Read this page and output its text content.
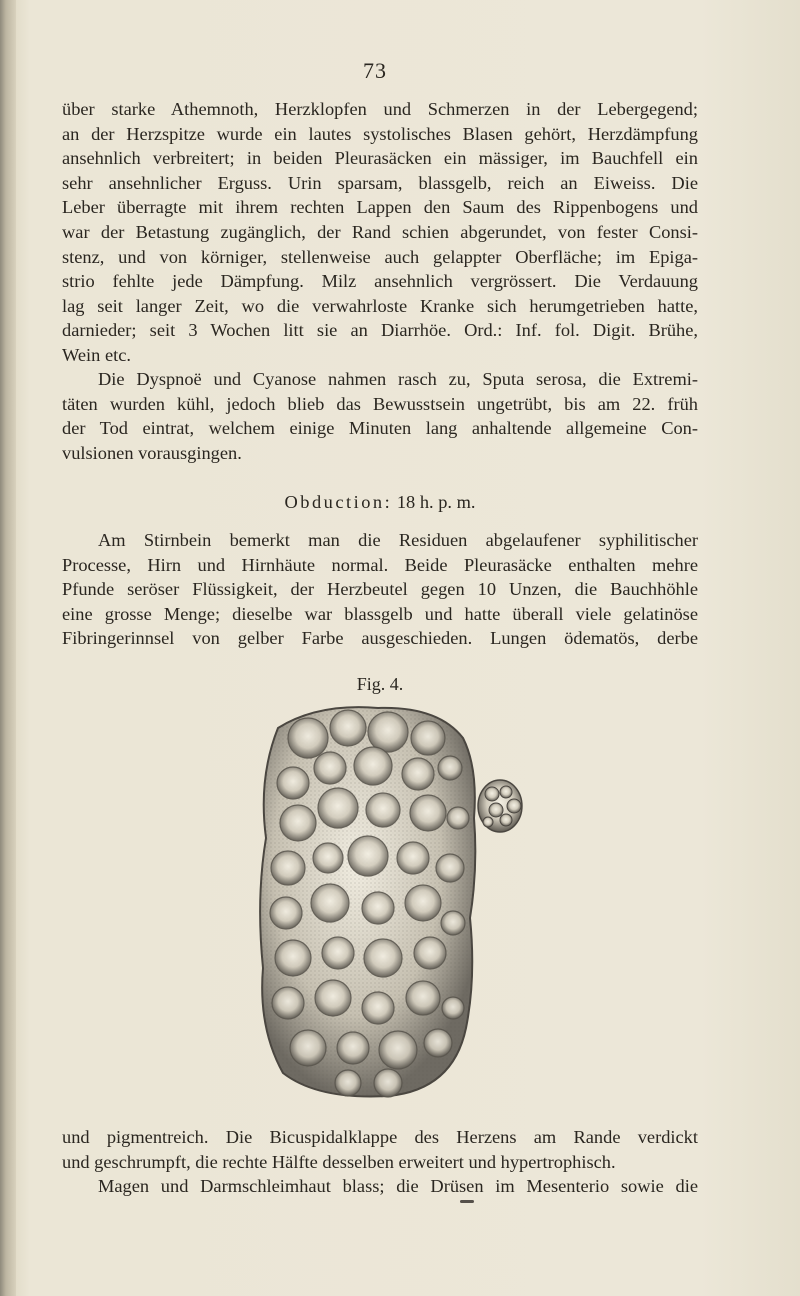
73
über starke Athemnoth, Herzklopfen und Schmerzen in der Lebergegend;
an der Herzspitze wurde ein lautes systolisches Blasen gehört, Herzdämpfung
ansehnlich verbreitert; in beiden Pleurasäcken ein mässiger, im Bauchfell ein
sehr ansehnlicher Erguss. Urin sparsam, blassgelb, reich an Eiweiss. Die
Leber überragte mit ihrem rechten Lappen den Saum des Rippenbogens und
war der Betastung zugänglich, der Rand schien abgerundet, von fester Consi-
stenz, und von körniger, stellenweise auch gelappter Oberfläche; im Epiga-
strio fehlte jede Dämpfung. Milz ansehnlich vergrössert. Die Verdauung
lag seit langer Zeit, wo die verwahrloste Kranke sich herumgetrieben hatte,
darnieder; seit 3 Wochen litt sie an Diarrhöe. Ord.: Inf. fol. Digit. Brühe,
Wein etc.
Die Dyspnoë und Cyanose nahmen rasch zu, Sputa serosa, die Extremi-
täten wurden kühl, jedoch blieb das Bewusstsein ungetrübt, bis am 22. früh
der Tod eintrat, welchem einige Minuten lang anhaltende allgemeine Con-
vulsionen vorausgingen.
Obduction: 18 h. p. m.
Am Stirnbein bemerkt man die Residuen abgelaufener syphilitischer
Processe, Hirn und Hirnhäute normal. Beide Pleurasäcke enthalten mehre
Pfunde seröser Flüssigkeit, der Herzbeutel gegen 10 Unzen, die Bauchhöhle
eine grosse Menge; dieselbe war blassgelb und hatte überall viele gelatinöse
Fibringerinnsel von gelber Farbe ausgeschieden. Lungen ödematös, derbe
Fig. 4.
und pigmentreich. Die Bicuspidalklappe des Herzens am Rande verdickt
und geschrumpft, die rechte Hälfte desselben erweitert und hypertrophisch.
Magen und Darmschleimhaut blass; die Drüsen im Mesenterio sowie die
